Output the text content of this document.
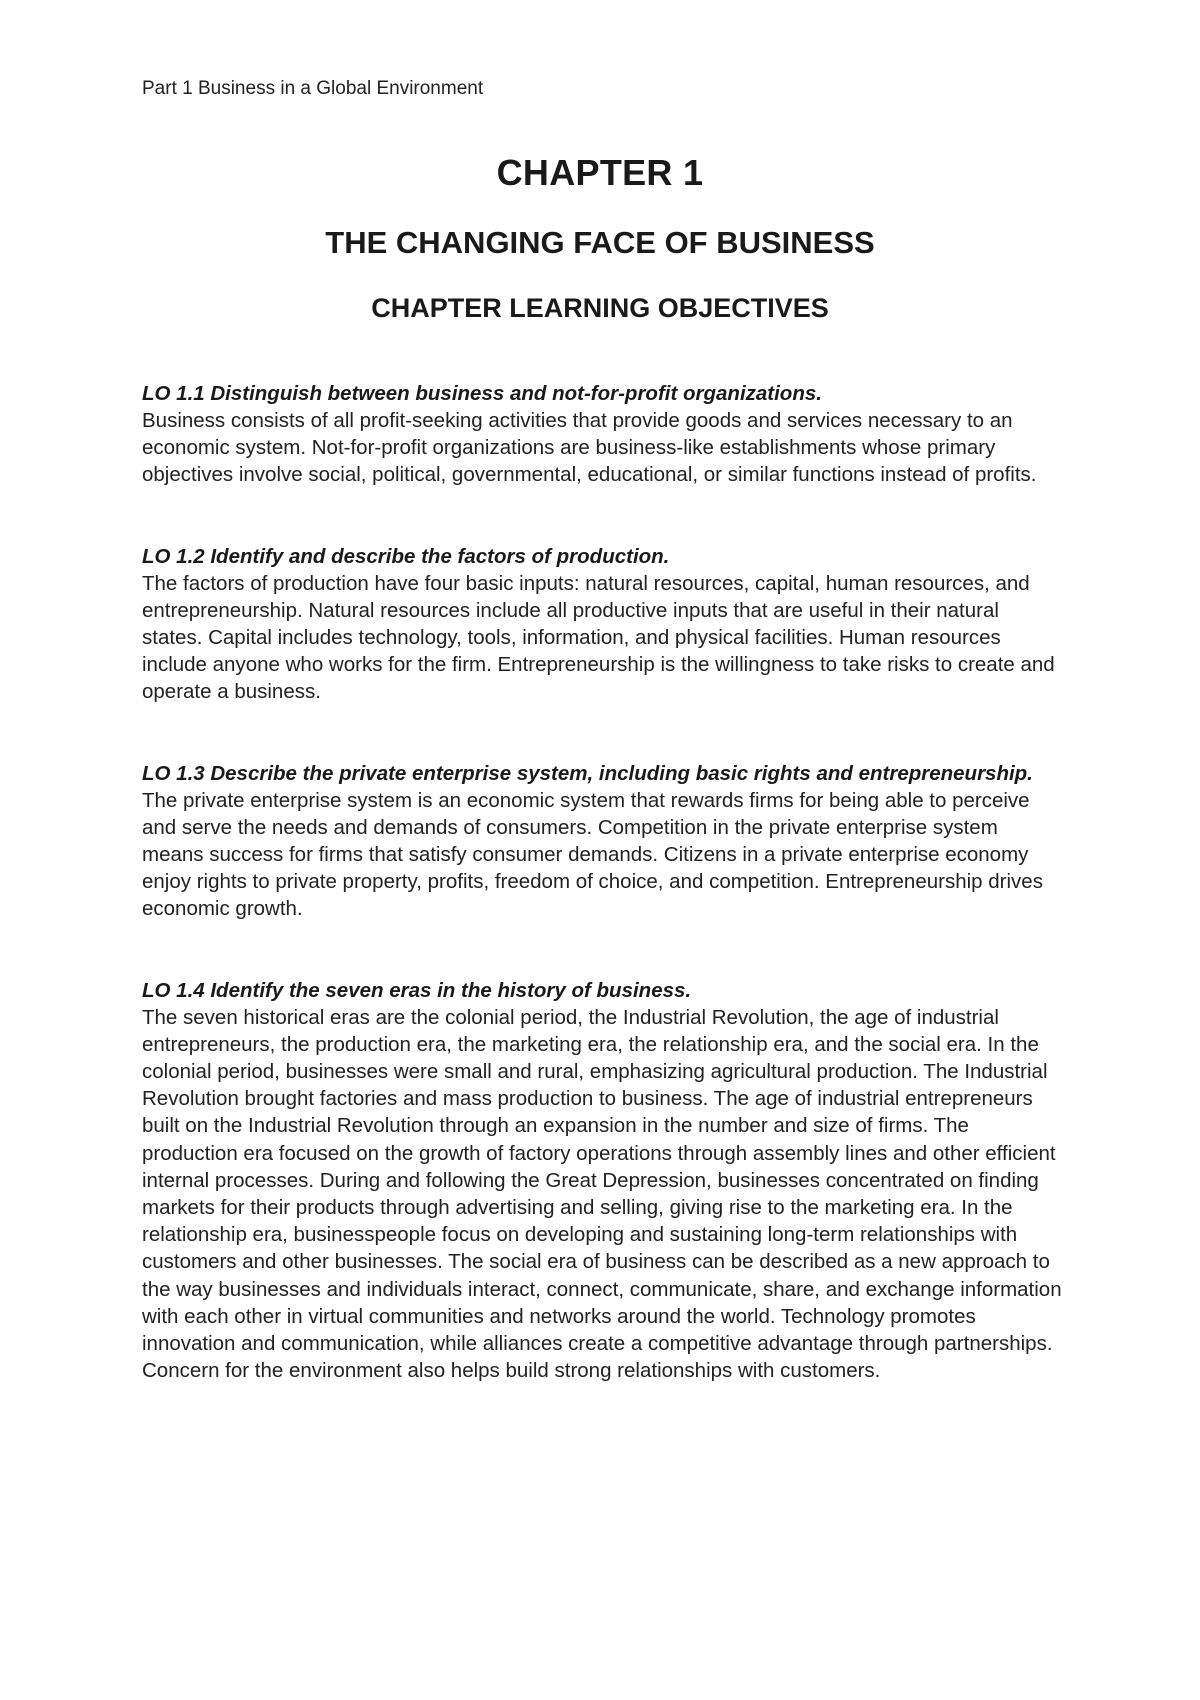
Part 1 Business in a Global Environment
CHAPTER 1
THE CHANGING FACE OF BUSINESS
CHAPTER LEARNING OBJECTIVES

LO 1.1 Distinguish between business and not-for-profit organizations.

Business consists of all profit-seeking activities that provide goods and services necessary to an economic system. Not-for-profit organizations are business-like establishments whose primary objectives involve social, political, governmental, educational, or similar functions instead of profits.

LO 1.2 Identify and describe the factors of production.

The factors of production have four basic inputs: natural resources, capital, human resources, and entrepreneurship. Natural resources include all productive inputs that are useful in their natural states. Capital includes technology, tools, information, and physical facilities. Human resources include anyone who works for the firm. Entrepreneurship is the willingness to take risks to create and operate a business.

LO 1.3 Describe the private enterprise system, including basic rights and entrepreneurship.

The private enterprise system is an economic system that rewards firms for being able to perceive and serve the needs and demands of consumers. Competition in the private enterprise system means success for firms that satisfy consumer demands. Citizens in a private enterprise economy enjoy rights to private property, profits, freedom of choice, and competition. Entrepreneurship drives economic growth.

LO 1.4 Identify the seven eras in the history of business.

The seven historical eras are the colonial period, the Industrial Revolution, the age of industrial entrepreneurs, the production era, the marketing era, the relationship era, and the social era. In the colonial period, businesses were small and rural, emphasizing agricultural production. The Industrial Revolution brought factories and mass production to business. The age of industrial entrepreneurs built on the Industrial Revolution through an expansion in the number and size of firms. The production era focused on the growth of factory operations through assembly lines and other efficient internal processes. During and following the Great Depression, businesses concentrated on finding markets for their products through advertising and selling, giving rise to the marketing era. In the relationship era, businesspeople focus on developing and sustaining long-term relationships with customers and other businesses. The social era of business can be described as a new approach to the way businesses and individuals interact, connect, communicate, share, and exchange information with each other in virtual communities and networks around the world. Technology promotes innovation and communication, while alliances create a competitive advantage through partnerships. Concern for the environment also helps build strong relationships with customers.
